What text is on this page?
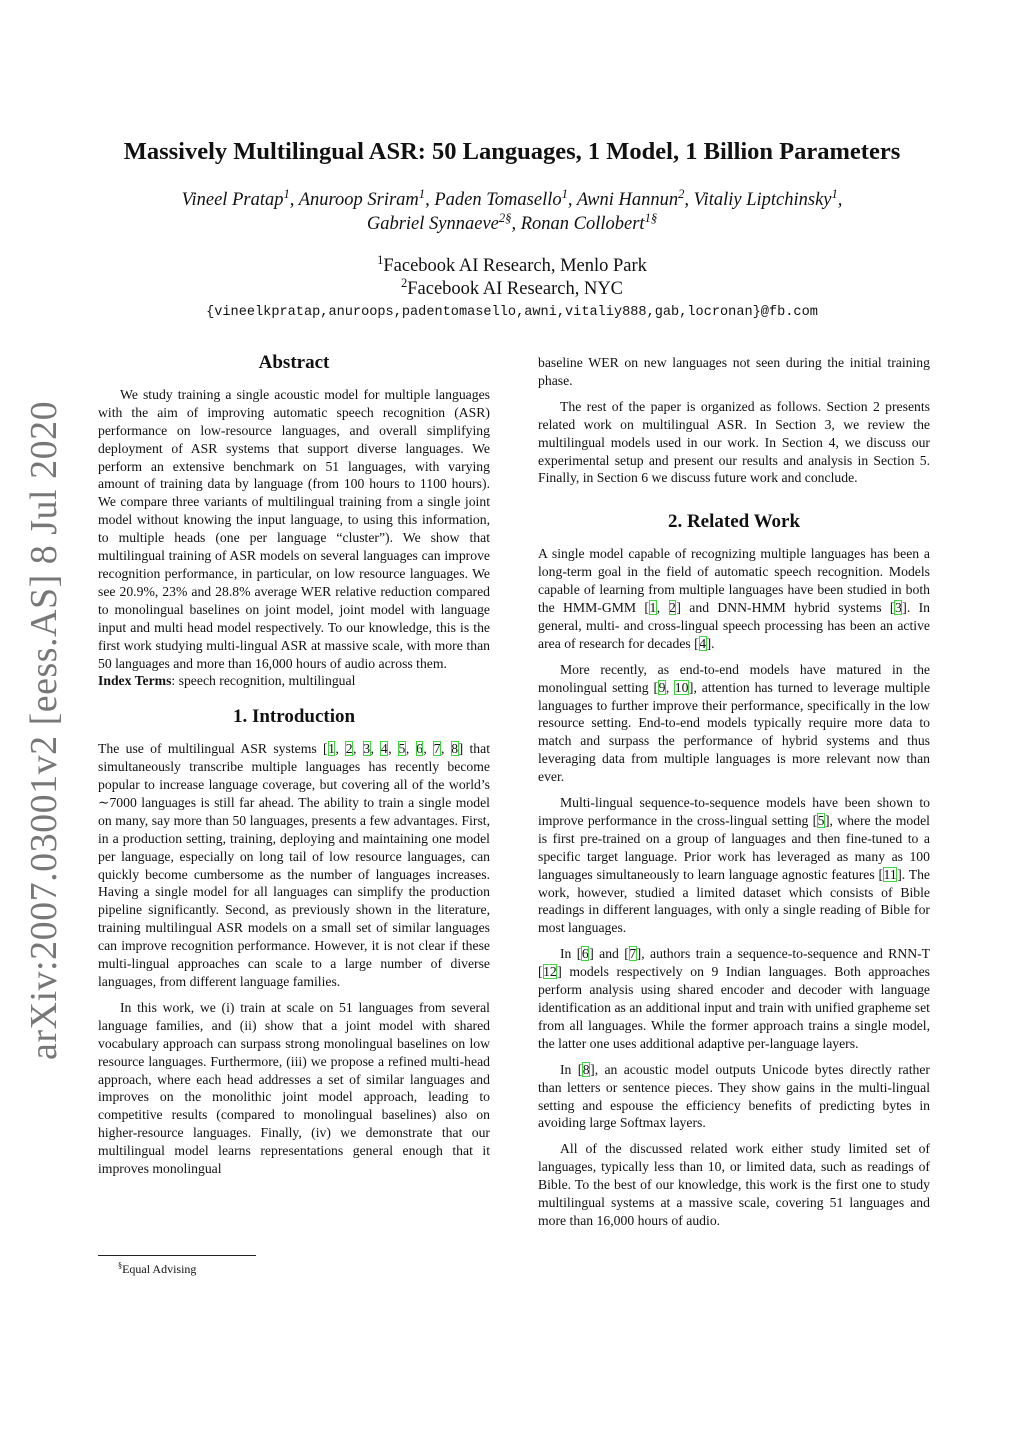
arXiv:2007.03001v2 [eess.AS] 8 Jul 2020
Massively Multilingual ASR: 50 Languages, 1 Model, 1 Billion Parameters
Vineel Pratap$^1$, Anuroop Sriram$^1$, Paden Tomasello$^1$, Awni Hannun$^2$, Vitaliy Liptchinsky$^1$,
Gabriel Synnaeve$^{2\S}$, Ronan Collobert$^{1\S}$
$^1$Facebook AI Research, Menlo Park
$^2$Facebook AI Research, NYC
{vineelkpratap,anuroops,padentomasello,awni,vitaliy888,gab,locronan}@fb.com
Abstract

We study training a single acoustic model for multiple languages with the aim of improving automatic speech recognition (ASR) performance on low-resource languages, and overall simplifying deployment of ASR systems that support diverse languages. We perform an extensive benchmark on 51 languages, with varying amount of training data by language (from 100 hours to 1100 hours). We compare three variants of multilingual training from a single joint model without knowing the input language, to using this information, to multiple heads (one per language “cluster”). We show that multilingual training of ASR models on several languages can improve recognition performance, in particular, on low resource languages. We see 20.9%, 23% and 28.8% average WER relative reduction compared to monolingual baselines on joint model, joint model with language input and multi head model respectively. To our knowledge, this is the first work studying multi-lingual ASR at massive scale, with more than 50 languages and more than 16,000 hours of audio across them.

Index Terms: speech recognition, multilingual

1. Introduction

The use of multilingual ASR systems [1, 2, 3, 4, 5, 6, 7, 8] that simultaneously transcribe multiple languages has recently become popular to increase language coverage, but covering all of the world’s ∼7000 languages is still far ahead. The ability to train a single model on many, say more than 50 languages, presents a few advantages. First, in a production setting, training, deploying and maintaining one model per language, especially on long tail of low resource languages, can quickly become cumbersome as the number of languages increases. Having a single model for all languages can simplify the production pipeline significantly. Second, as previously shown in the literature, training multilingual ASR models on a small set of similar languages can improve recognition performance. However, it is not clear if these multi-lingual approaches can scale to a large number of diverse languages, from different language families.

In this work, we (i) train at scale on 51 languages from several language families, and (ii) show that a joint model with shared vocabulary approach can surpass strong monolingual baselines on low resource languages. Furthermore, (iii) we propose a refined multi-head approach, where each head addresses a set of similar languages and improves on the monolithic joint model approach, leading to competitive results (compared to monolingual baselines) also on higher-resource languages. Finally, (iv) we demonstrate that our multilingual model learns representations general enough that it improves monolingual

baseline WER on new languages not seen during the initial training phase.

The rest of the paper is organized as follows. Section 2 presents related work on multilingual ASR. In Section 3, we review the multilingual models used in our work. In Section 4, we discuss our experimental setup and present our results and analysis in Section 5. Finally, in Section 6 we discuss future work and conclude.

2. Related Work

A single model capable of recognizing multiple languages has been a long-term goal in the field of automatic speech recognition. Models capable of learning from multiple languages have been studied in both the HMM-GMM [1, 2] and DNN-HMM hybrid systems [3]. In general, multi- and cross-lingual speech processing has been an active area of research for decades [4].

More recently, as end-to-end models have matured in the monolingual setting [9, 10], attention has turned to leverage multiple languages to further improve their performance, specifically in the low resource setting. End-to-end models typically require more data to match and surpass the performance of hybrid systems and thus leveraging data from multiple languages is more relevant now than ever.

Multi-lingual sequence-to-sequence models have been shown to improve performance in the cross-lingual setting [5], where the model is first pre-trained on a group of languages and then fine-tuned to a specific target language. Prior work has leveraged as many as 100 languages simultaneously to learn language agnostic features [11]. The work, however, studied a limited dataset which consists of Bible readings in different languages, with only a single reading of Bible for most languages.

In [6] and [7], authors train a sequence-to-sequence and RNN-T [12] models respectively on 9 Indian languages. Both approaches perform analysis using shared encoder and decoder with language identification as an additional input and train with unified grapheme set from all languages. While the former approach trains a single model, the latter one uses additional adaptive per-language layers.

In [8], an acoustic model outputs Unicode bytes directly rather than letters or sentence pieces. They show gains in the multi-lingual setting and espouse the efficiency benefits of predicting bytes in avoiding large Softmax layers.

All of the discussed related work either study limited set of languages, typically less than 10, or limited data, such as readings of Bible. To the best of our knowledge, this work is the first one to study multilingual systems at a massive scale, covering 51 languages and more than 16,000 hours of audio.

§Equal Advising
